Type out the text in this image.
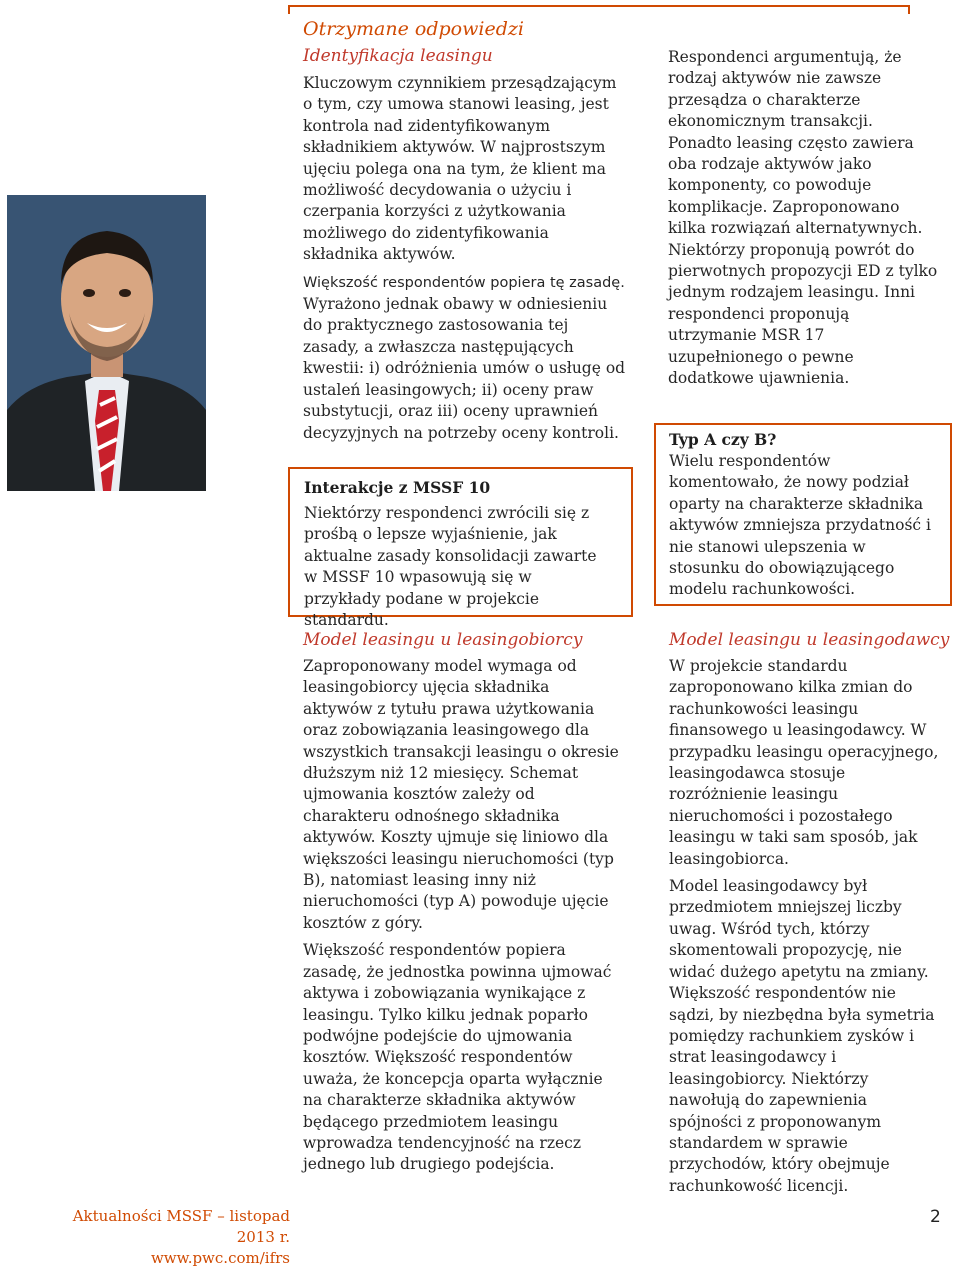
Otrzymane odpowiedzi
Identyfikacja leasingu

Kluczowym czynnikiem przesądzającym o tym, czy umowa stanowi leasing, jest kontrola nad zidentyfikowanym składnikiem aktywów. W najprostszym ujęciu polega ona na tym, że klient ma możliwość decydowania o użyciu i czerpania korzyści z użytkowania możliwego do zidentyfikowania składnika aktywów.

Większość respondentów popiera tę zasadę. Wyrażono jednak obawy w odniesieniu do praktycznego zastosowania tej zasady, a zwłaszcza następujących kwestii: i) odróżnienia umów o usługę od ustaleń leasingowych; ii) oceny praw substytucji, oraz iii) oceny uprawnień decyzyjnych na potrzeby oceny kontroli.

Interakcje z MSSF 10
Niektórzy respondenci zwrócili się z prośbą o lepsze wyjaśnienie, jak aktualne zasady konsolidacji zawarte w MSSF 10 wpasowują się w przykłady podane w projekcie standardu.
Respondenci argumentują, że rodzaj aktywów nie zawsze przesądza o charakterze ekonomicznym transakcji. Ponadto leasing często zawiera oba rodzaje aktywów jako komponenty, co powoduje komplikacje. Zaproponowano kilka rozwiązań alternatywnych. Niektórzy proponują powrót do pierwotnych propozycji ED z tylko jednym rodzajem leasingu. Inni respondenci proponują utrzymanie MSR 17 uzupełnionego o pewne dodatkowe ujawnienia.
Typ A czy B?
Wielu respondentów komentowało, że nowy podział oparty na charakterze składnika aktywów zmniejsza przydatność i nie stanowi ulepszenia w stosunku do obowiązującego modelu rachunkowości.
Model leasingu u leasingobiorcy

Zaproponowany model wymaga od leasingobiorcy ujęcia składnika aktywów z tytułu prawa użytkowania oraz zobowiązania leasingowego dla wszystkich transakcji leasingu o okresie dłuższym niż 12 miesięcy. Schemat ujmowania kosztów zależy od charakteru odnośnego składnika aktywów. Koszty ujmuje się liniowo dla większości leasingu nieruchomości (typ B), natomiast leasing inny niż nieruchomości (typ A) powoduje ujęcie kosztów z góry.

Większość respondentów popiera zasadę, że jednostka powinna ujmować aktywa i zobowiązania wynikające z leasingu. Tylko kilku jednak poparło podwójne podejście do ujmowania kosztów. Większość respondentów uważa, że koncepcja oparta wyłącznie na charakterze składnika aktywów będącego przedmiotem leasingu wprowadza tendencyjność na rzecz jednego lub drugiego podejścia.

Model leasingu u leasingodawcy

W projekcie standardu zaproponowano kilka zmian do rachunkowości leasingu finansowego u leasingodawcy. W przypadku leasingu operacyjnego, leasingodawca stosuje rozróżnienie leasingu nieruchomości i pozostałego leasingu w taki sam sposób, jak leasingobiorca.

Model leasingodawcy był przedmiotem mniejszej liczby uwag. Wśród tych, którzy skomentowali propozycję, nie widać dużego apetytu na zmiany. Większość respondentów nie sądzi, by niezbędna była symetria pomiędzy rachunkiem zysków i strat leasingodawcy i leasingobiorcy. Niektórzy nawołują do zapewnienia spójności z proponowanym standardem w sprawie przychodów, który obejmuje rachunkowość licencji.

Aktualności MSSF – listopad 2013 r.
www.pwc.com/ifrs
2
